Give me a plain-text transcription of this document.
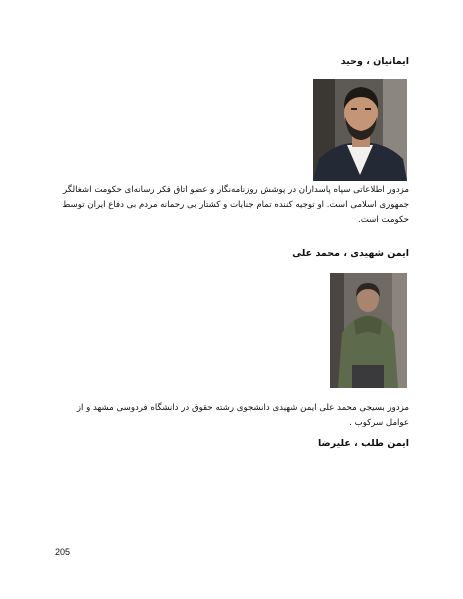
ایمانیان ، وحید
مزدور اطلاعاتی سپاه پاسداران در پوشش روزنامه‌نگار و عضو اتاق فکر رسانه‌ای حکومت اشغالگر جمهوری اسلامی است. او توجیه کننده تمام جنایات و کشتار بی رحمانه مردم بی دفاع ایران توسط حکومت است.
ایمن شهیدی ، محمد علی
مزدور بسیجی محمد علی ایمن شهیدی دانشجوی رشته حقوق در دانشگاه فردوسی مشهد و از عوامل سرکوب .
ایمن طلب ، علیرضا
205
